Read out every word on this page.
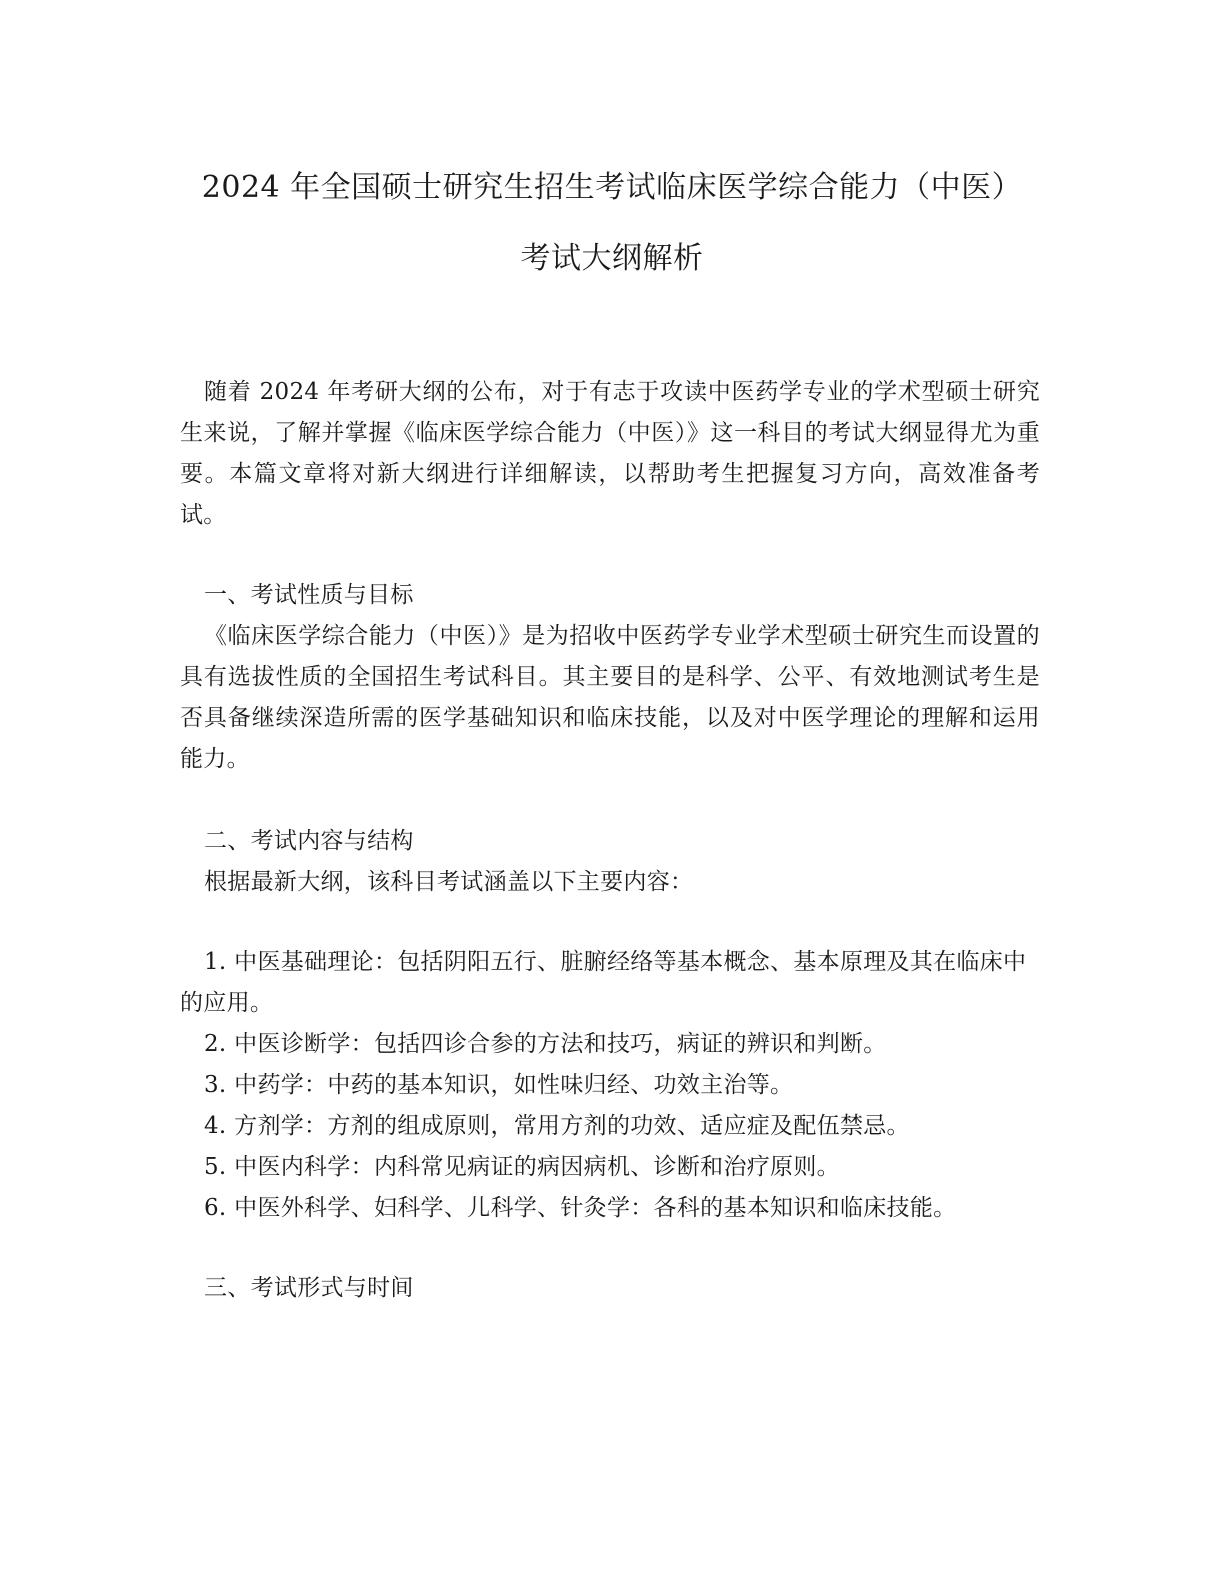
2024 年全国硕士研究生招生考试临床医学综合能力（中医）
考试大纲解析

随着 2024 年考研大纲的公布，对于有志于攻读中医药学专业的学术型硕士研究生来说，了解并掌握《临床医学综合能力（中医）》这一科目的考试大纲显得尤为重要。本篇文章将对新大纲进行详细解读，以帮助考生把握复习方向，高效准备考试。

一、考试性质与目标

《临床医学综合能力（中医）》是为招收中医药学专业学术型硕士研究生而设置的具有选拔性质的全国招生考试科目。其主要目的是科学、公平、有效地测试考生是否具备继续深造所需的医学基础知识和临床技能，以及对中医学理论的理解和运用能力。

二、考试内容与结构

根据最新大纲，该科目考试涵盖以下主要内容：

1. 中医基础理论：包括阴阳五行、脏腑经络等基本概念、基本原理及其在临床中的应用。

2. 中医诊断学：包括四诊合参的方法和技巧，病证的辨识和判断。

3. 中药学：中药的基本知识，如性味归经、功效主治等。

4. 方剂学：方剂的组成原则，常用方剂的功效、适应症及配伍禁忌。

5. 中医内科学：内科常见病证的病因病机、诊断和治疗原则。

6. 中医外科学、妇科学、儿科学、针灸学：各科的基本知识和临床技能。

三、考试形式与时间
